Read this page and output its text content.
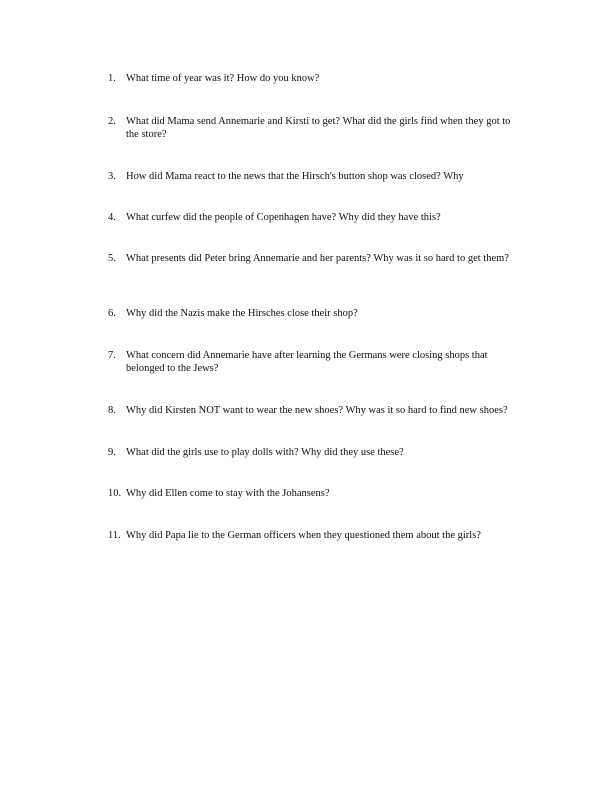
1. What time of year was it? How do you know?
2. What did Mama send Annemarie and Kirsti to get? What did the girls find when they got to the store?
3. How did Mama react to the news that the Hirsch's button shop was closed? Why
4. What curfew did the people of Copenhagen have? Why did they have this?
5. What presents did Peter bring Annemarie and her parents? Why was it so hard to get them?
6. Why did the Nazis make the Hirsches close their shop?
7. What concern did Annemarie have after learning the Germans were closing shops that belonged to the Jews?
8. Why did Kirsten NOT want to wear the new shoes? Why was it so hard to find new shoes?
9. What did the girls use to play dolls with? Why did they use these?
10. Why did Ellen come to stay with the Johansens?
11. Why did Papa lie to the German officers when they questioned them about the girls?
